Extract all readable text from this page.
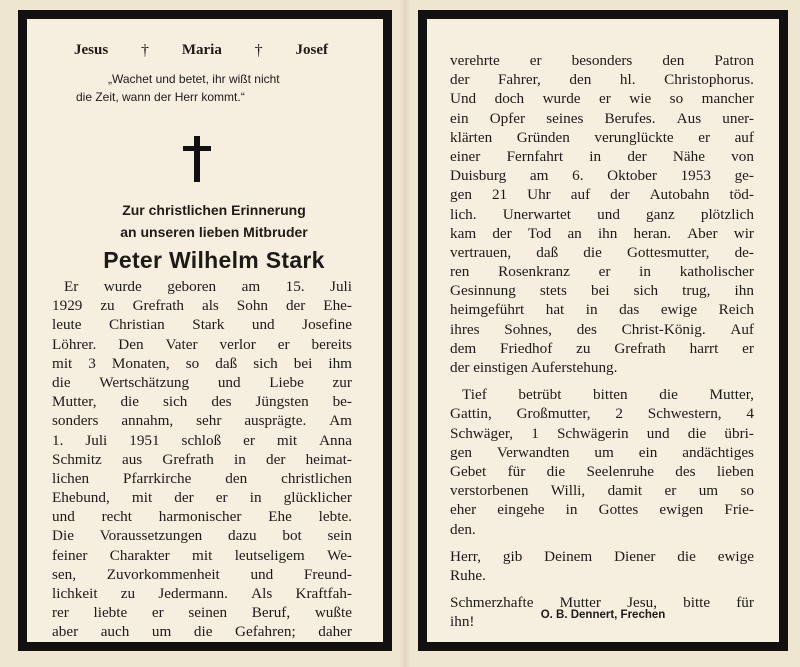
Jesus † Maria † Josef
„Wachet und betet, ihr wißt nicht
die Zeit, wann der Herr kommt.“
Zur christlichen Erinnerung
an unseren lieben Mitbruder
Peter Wilhelm Stark
Er wurde geboren am 15. Juli
1929 zu Grefrath als Sohn der Ehe-
leute Christian Stark und Josefine
Löhrer. Den Vater verlor er bereits
mit 3 Monaten, so daß sich bei ihm
die Wertschätzung und Liebe zur
Mutter, die sich des Jüngsten be-
sonders annahm, sehr ausprägte. Am
1. Juli 1951 schloß er mit Anna
Schmitz aus Grefrath in der heimat-
lichen Pfarrkirche den christlichen
Ehebund, mit der er in glücklicher
und recht harmonischer Ehe lebte.
Die Voraussetzungen dazu bot sein
feiner Charakter mit leutseligem We-
sen, Zuvorkommenheit und Freund-
lichkeit zu Jedermann. Als Kraftfah-
rer liebte er seinen Beruf, wußte
aber auch um die Gefahren; daher
verehrte er besonders den Patron
der Fahrer, den hl. Christophorus.
Und doch wurde er wie so mancher
ein Opfer seines Berufes. Aus uner-
klärten Gründen verunglückte er auf
einer Fernfahrt in der Nähe von
Duisburg am 6. Oktober 1953 ge-
gen 21 Uhr auf der Autobahn töd-
lich. Unerwartet und ganz plötzlich
kam der Tod an ihn heran. Aber wir
vertrauen, daß die Gottesmutter, de-
ren Rosenkranz er in katholischer
Gesinnung stets bei sich trug, ihn
heimgeführt hat in das ewige Reich
ihres Sohnes, des Christ-König. Auf
dem Friedhof zu Grefrath harrt er
der einstigen Auferstehung.
Tief betrübt bitten die Mutter,
Gattin, Großmutter, 2 Schwestern, 4
Schwäger, 1 Schwägerin und die übri-
gen Verwandten um ein andächtiges
Gebet für die Seelenruhe des lieben
verstorbenen Willi, damit er um so
eher eingehe in Gottes ewigen Frie-
den.
Herr, gib Deinem Diener die ewige
Ruhe.
Schmerzhafte Mutter Jesu, bitte für
ihn!	O. B. Dennert, Frechen
